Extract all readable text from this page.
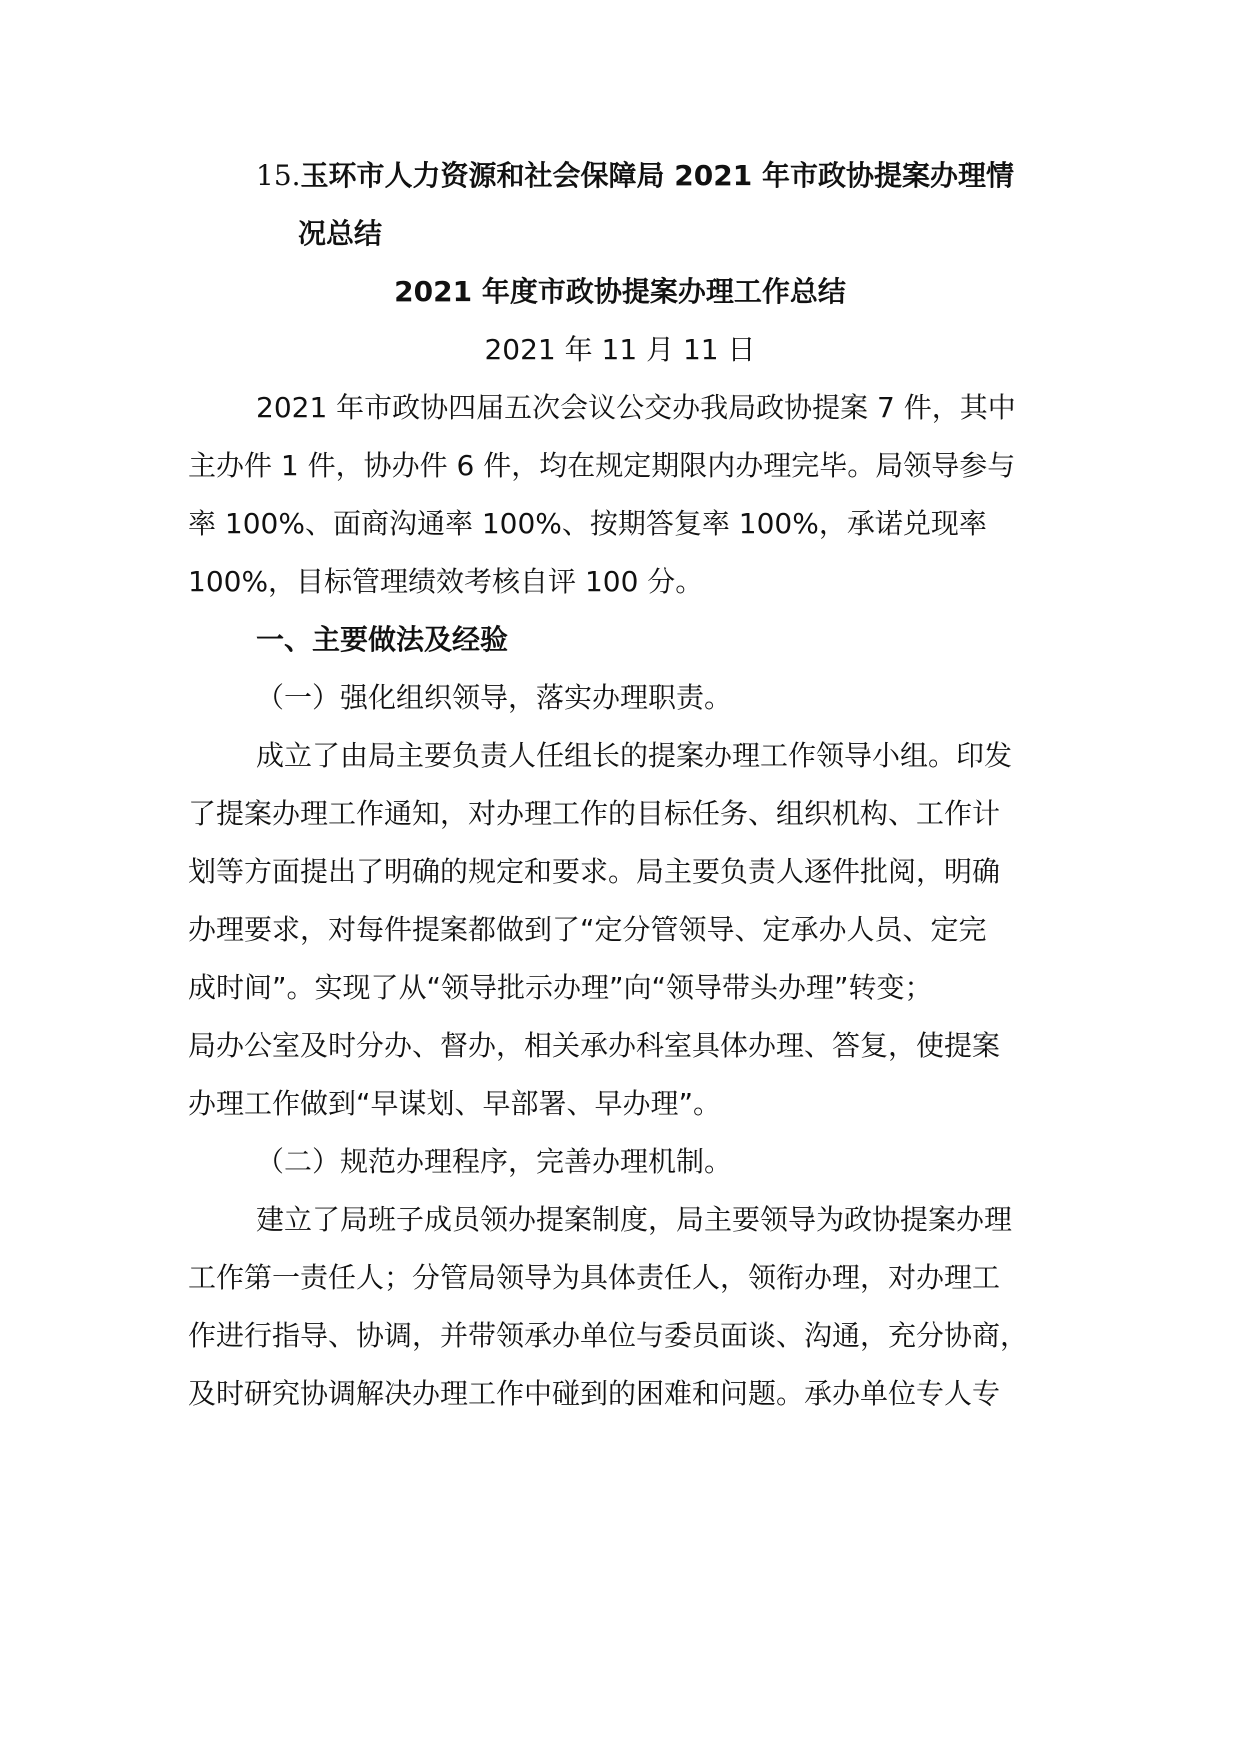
15.玉环市人力资源和社会保障局 2021 年市政协提案办理情
况总结
2021 年度市政协提案办理工作总结
2021 年 11 月 11 日
2021 年市政协四届五次会议公交办我局政协提案 7 件，其中
主办件 1 件，协办件 6 件，均在规定期限内办理完毕。局领导参与
率 100%、面商沟通率 100%、按期答复率 100%，承诺兑现率
100%，目标管理绩效考核自评 100 分。
一、主要做法及经验
（一）强化组织领导，落实办理职责。
成立了由局主要负责人任组长的提案办理工作领导小组。印发
了提案办理工作通知，对办理工作的目标任务、组织机构、工作计
划等方面提出了明确的规定和要求。局主要负责人逐件批阅，明确
办理要求，对每件提案都做到了“定分管领导、定承办人员、定完
成时间”。实现了从“领导批示办理”向“领导带头办理”转变；
局办公室及时分办、督办，相关承办科室具体办理、答复，使提案
办理工作做到“早谋划、早部署、早办理”。
（二）规范办理程序，完善办理机制。
建立了局班子成员领办提案制度，局主要领导为政协提案办理
工作第一责任人；分管局领导为具体责任人，领衔办理，对办理工
作进行指导、协调，并带领承办单位与委员面谈、沟通，充分协商，
及时研究协调解决办理工作中碰到的困难和问题。承办单位专人专
